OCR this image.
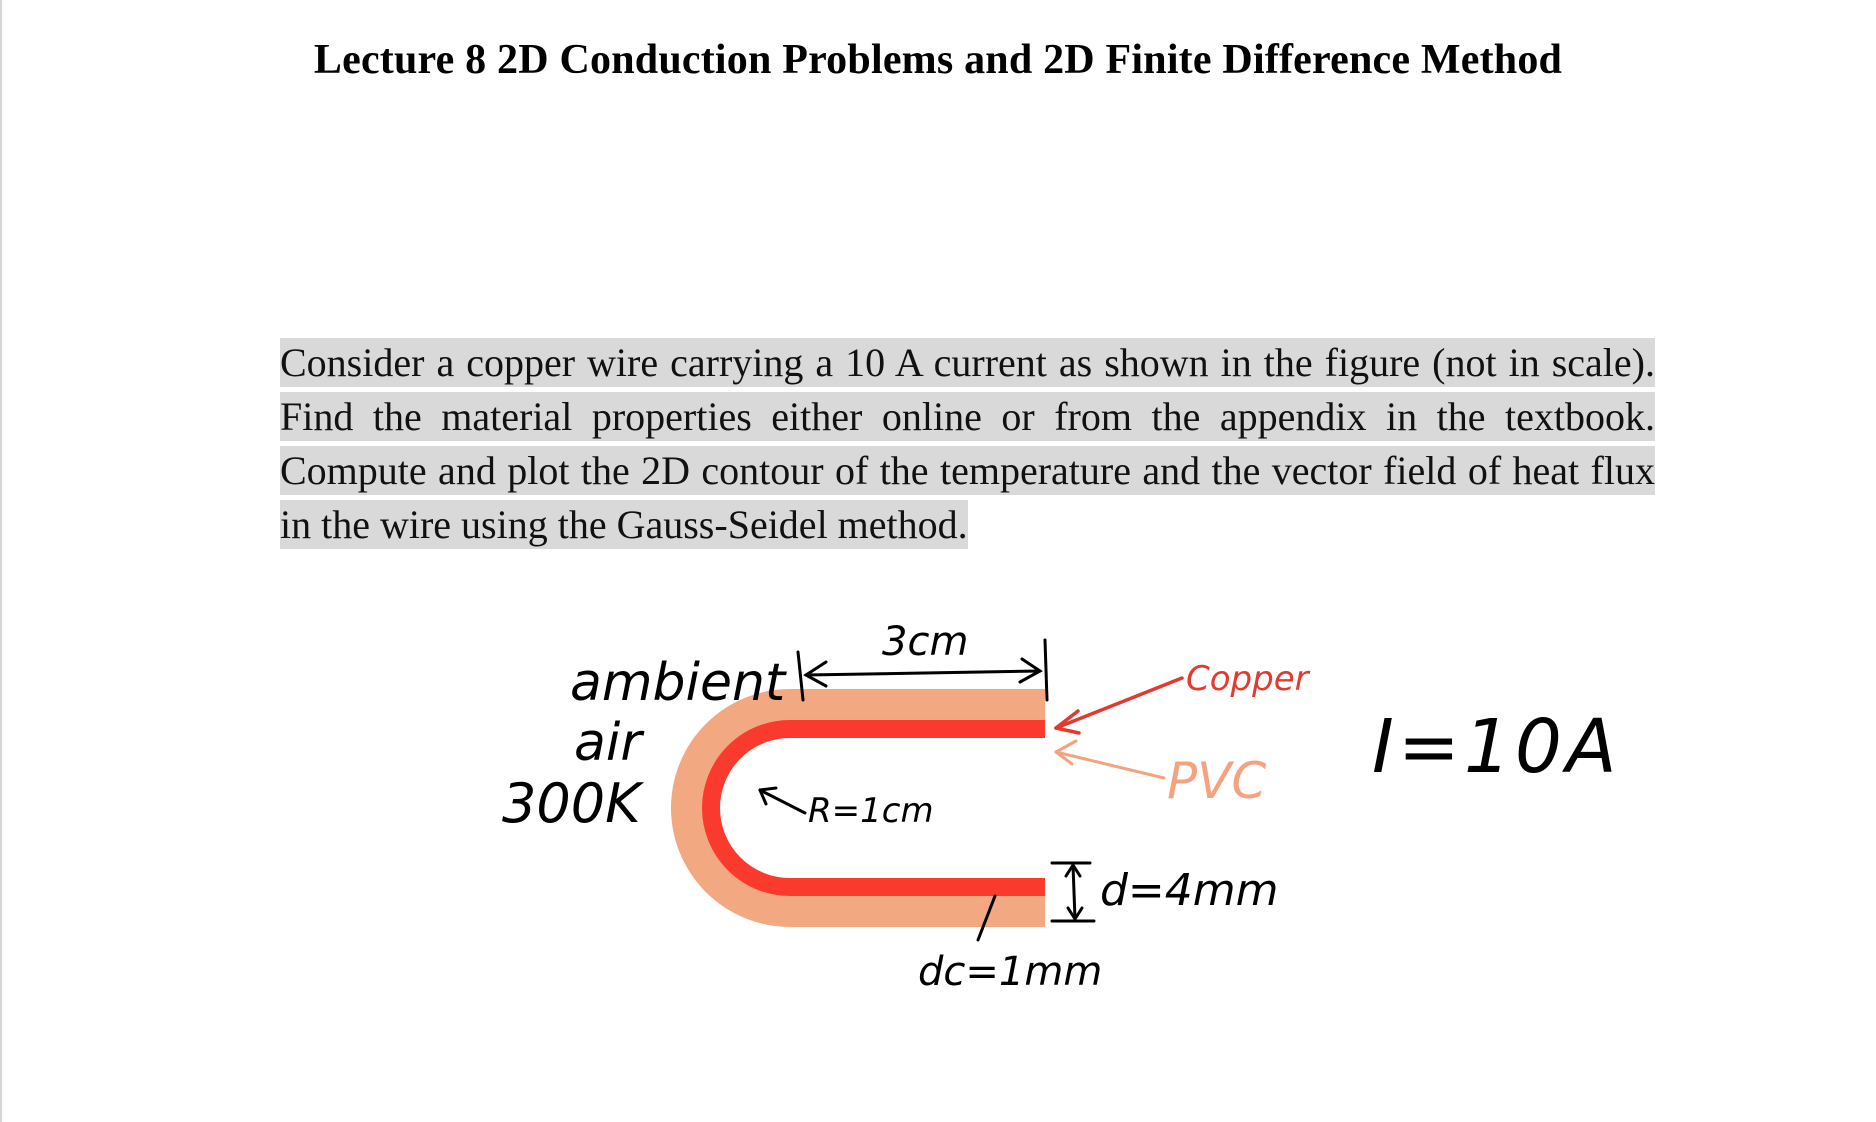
Lecture 8 2D Conduction Problems and 2D Finite Difference Method
Consider a copper wire carrying a 10 A current as shown in the figure (not in scale). Find the material properties either online or from the appendix in the textbook. Compute and plot the 2D contour of the temperature and the vector field of heat flux in the wire using the Gauss-Seidel method.
3cm
ambient
air
300K	R=1cm
Copper
PVC
d=4mm
dc=1mm
I=10A
